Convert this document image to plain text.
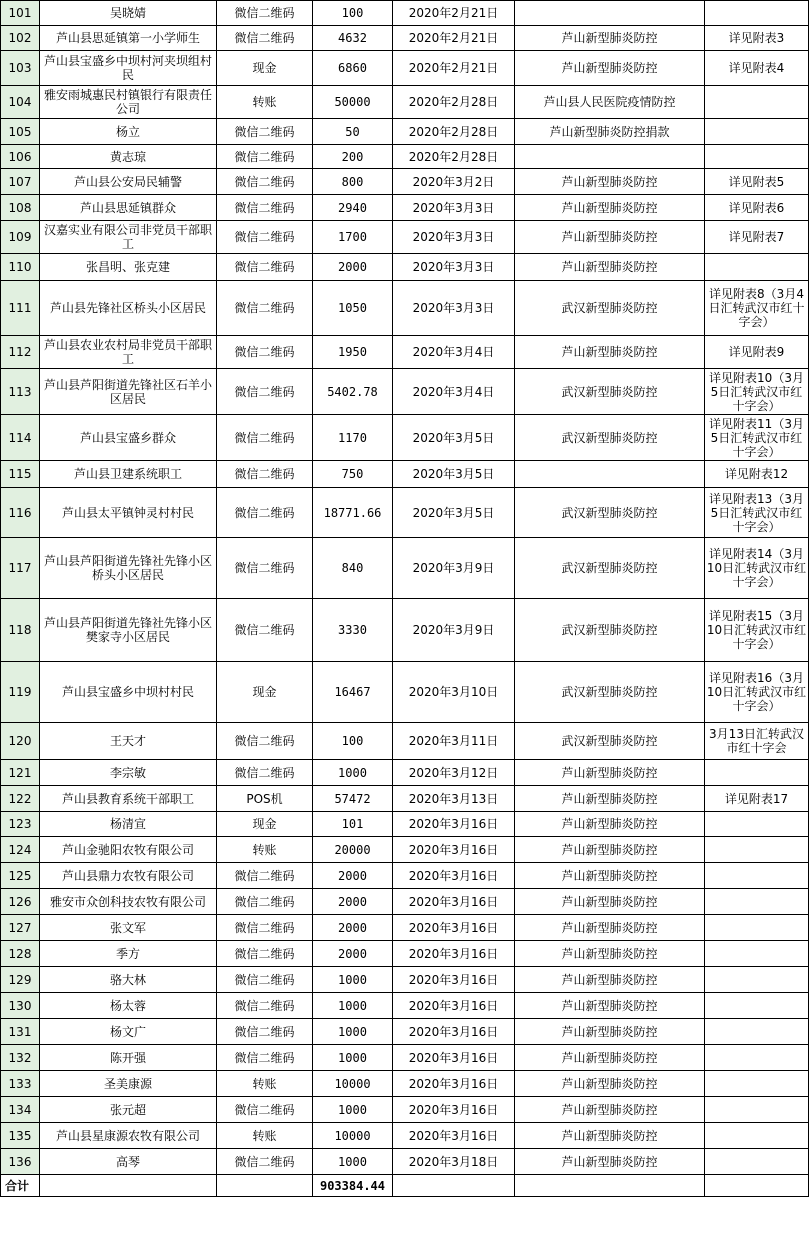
101	吴晓婧	微信二维码	100	2020年2月21日		
102	芦山县思延镇第一小学师生	微信二维码	4632	2020年2月21日	芦山新型肺炎防控	详见附表3
103	芦山县宝盛乡中坝村河夹坝组村民	现金	6860	2020年2月21日	芦山新型肺炎防控	详见附表4
104	雅安雨城惠民村镇银行有限责任公司	转账	50000	2020年2月28日	芦山县人民医院疫情防控	
105	杨立	微信二维码	50	2020年2月28日	芦山新型肺炎防控捐款	
106	黄志琼	微信二维码	200	2020年2月28日		
107	芦山县公安局民辅警	微信二维码	800	2020年3月2日	芦山新型肺炎防控	详见附表5
108	芦山县思延镇群众	微信二维码	2940	2020年3月3日	芦山新型肺炎防控	详见附表6
109	汉嘉实业有限公司非党员干部职工	微信二维码	1700	2020年3月3日	芦山新型肺炎防控	详见附表7
110	张昌明、张克建	微信二维码	2000	2020年3月3日	芦山新型肺炎防控	
111	芦山县先锋社区桥头小区居民	微信二维码	1050	2020年3月3日	武汉新型肺炎防控	详见附表8（3月4日汇转武汉市红十字会）
112	芦山县农业农村局非党员干部职工	微信二维码	1950	2020年3月4日	芦山新型肺炎防控	详见附表9
113	芦山县芦阳街道先锋社区石羊小区居民	微信二维码	5402.78	2020年3月4日	武汉新型肺炎防控	详见附表10（3月5日汇转武汉市红十字会）
114	芦山县宝盛乡群众	微信二维码	1170	2020年3月5日	武汉新型肺炎防控	详见附表11（3月5日汇转武汉市红十字会）
115	芦山县卫建系统职工	微信二维码	750	2020年3月5日		详见附表12
116	芦山县太平镇钟灵村村民	微信二维码	18771.66	2020年3月5日	武汉新型肺炎防控	详见附表13（3月5日汇转武汉市红十字会）
117	芦山县芦阳街道先锋社先锋小区桥头小区居民	微信二维码	840	2020年3月9日	武汉新型肺炎防控	详见附表14（3月10日汇转武汉市红十字会）
118	芦山县芦阳街道先锋社先锋小区樊家寺小区居民	微信二维码	3330	2020年3月9日	武汉新型肺炎防控	详见附表15（3月10日汇转武汉市红十字会）
119	芦山县宝盛乡中坝村村民	现金	16467	2020年3月10日	武汉新型肺炎防控	详见附表16（3月10日汇转武汉市红十字会）
120	王天才	微信二维码	100	2020年3月11日	武汉新型肺炎防控	3月13日汇转武汉市红十字会
121	李宗敏	微信二维码	1000	2020年3月12日	芦山新型肺炎防控	
122	芦山县教育系统干部职工	POS机	57472	2020年3月13日	芦山新型肺炎防控	详见附表17
123	杨清宣	现金	101	2020年3月16日	芦山新型肺炎防控	
124	芦山金驰阳农牧有限公司	转账	20000	2020年3月16日	芦山新型肺炎防控	
125	芦山县鼎力农牧有限公司	微信二维码	2000	2020年3月16日	芦山新型肺炎防控	
126	雅安市众创科技农牧有限公司	微信二维码	2000	2020年3月16日	芦山新型肺炎防控	
127	张文军	微信二维码	2000	2020年3月16日	芦山新型肺炎防控	
128	季方	微信二维码	2000	2020年3月16日	芦山新型肺炎防控	
129	骆大林	微信二维码	1000	2020年3月16日	芦山新型肺炎防控	
130	杨太蓉	微信二维码	1000	2020年3月16日	芦山新型肺炎防控	
131	杨文广	微信二维码	1000	2020年3月16日	芦山新型肺炎防控	
132	陈开强	微信二维码	1000	2020年3月16日	芦山新型肺炎防控	
133	圣美康源	转账	10000	2020年3月16日	芦山新型肺炎防控	
134	张元超	微信二维码	1000	2020年3月16日	芦山新型肺炎防控	
135	芦山县星康源农牧有限公司	转账	10000	2020年3月16日	芦山新型肺炎防控	
136	高琴	微信二维码	1000	2020年3月18日	芦山新型肺炎防控	
合计			903384.44			
